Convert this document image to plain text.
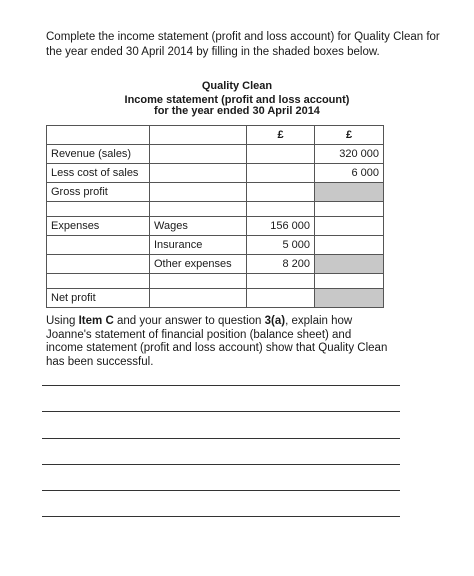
Complete the income statement (profit and loss account) for Quality Clean for the year ended 30 April 2014 by filling in the shaded boxes below.
Quality Clean
Income statement (profit and loss account)
for the year ended 30 April 2014
		£	£
Revenue (sales)			320 000
Less cost of sales			6 000
Gross profit			

Expenses	Wages	156 000	
	Insurance	5 000	
	Other expenses	8 200	

Net profit			
Using Item C and your answer to question 3(a), explain how Joanne's statement of financial position (balance sheet) and income statement (profit and loss account) show that Quality Clean has been successful.
